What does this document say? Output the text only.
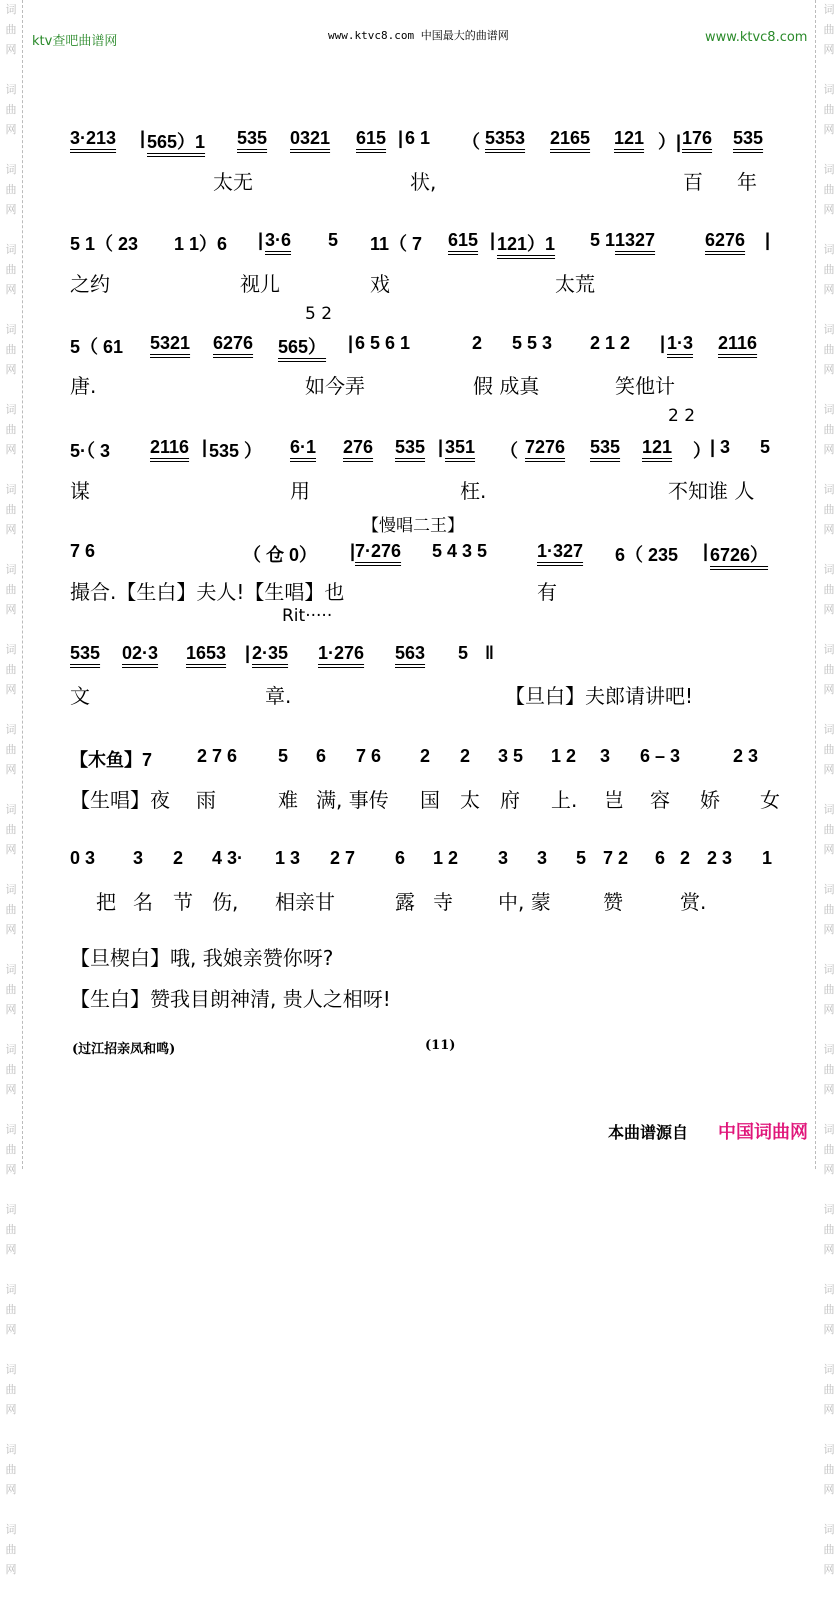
词
曲
网

词
曲
网

词
曲
网

词
曲
网

词
曲
网

词
曲
网

词
曲
网

词
曲
网

词
曲
网

词
曲
网

词
曲
网

词
曲
网

词
曲
网

词
曲
网

词
曲
网

词
曲
网

词
曲
网

词
曲
网

词
曲
网

词
曲
网

词
曲
网

词
曲
网

词
曲
网

词
曲
网

词
曲
网

词
曲
网

词
曲
网

词
曲
网

词
曲
网

词
曲
网

词
曲
网

词
曲
网

词
曲
网

词
曲
网

词
曲
网

词
曲
网

词
曲
网

词
曲
网

词
曲
网

词
曲
网

ktv查吧曲谱网	www.ktvc8.com 中国最大的曲谱网	www.ktvc8.com
3·213 | 565）1 535 0321 615 | 6 1 （ 5353 2165 121 ）| 176 535
太无	状,	百 年
5 1（ 23 1 1）6 | 3·6 5 11（ 7 615 | 121）1 5 1 1327	6276 |
之约	视儿	戏	太荒
5 2
5（ 61 5321 6276 565） | 6 5 6 1	2 5 5 3 2 1 2 | 1·3 2116
唐.	如今弄	假 成真	笑他计
2 2
5·（ 3 2116 | 535 ） 6·1 276 535 | 351 （ 7276 535 121 ） | 3 5
谋	用	枉.	不知谁 人
【慢唱二王】
7 6	（ 仓 0） | 7·276 5 4 3 5	1·327 6（ 235 | 6726）
撮合.【生白】夫人!【生唱】也	有
Rit·····
535 02·3 1653 | 2·35 1·276 563 5 ‖
文	章.	【旦白】夫郎请讲吧!
【木鱼】7 2 7 6 5 6 7 6 2 2 3 5 1 2 3 6 – 3	2 3
【生唱】夜 雨	难 满, 事传 国 太 府 上. 岂 容 娇 女
0 3 3 2 4 3· 1 3 2 7 6 1 2 3 3 5 7 2 6 2 2 3 1
把 名 节 伤, 相亲甘	露 寺 中, 蒙	赞	赏.
【旦楔白】哦, 我娘亲赞你呀?
【生白】赞我目朗神清, 贵人之相呀!
(过江招亲凤和鸣)	(11)
本曲谱源自 中国词曲网
